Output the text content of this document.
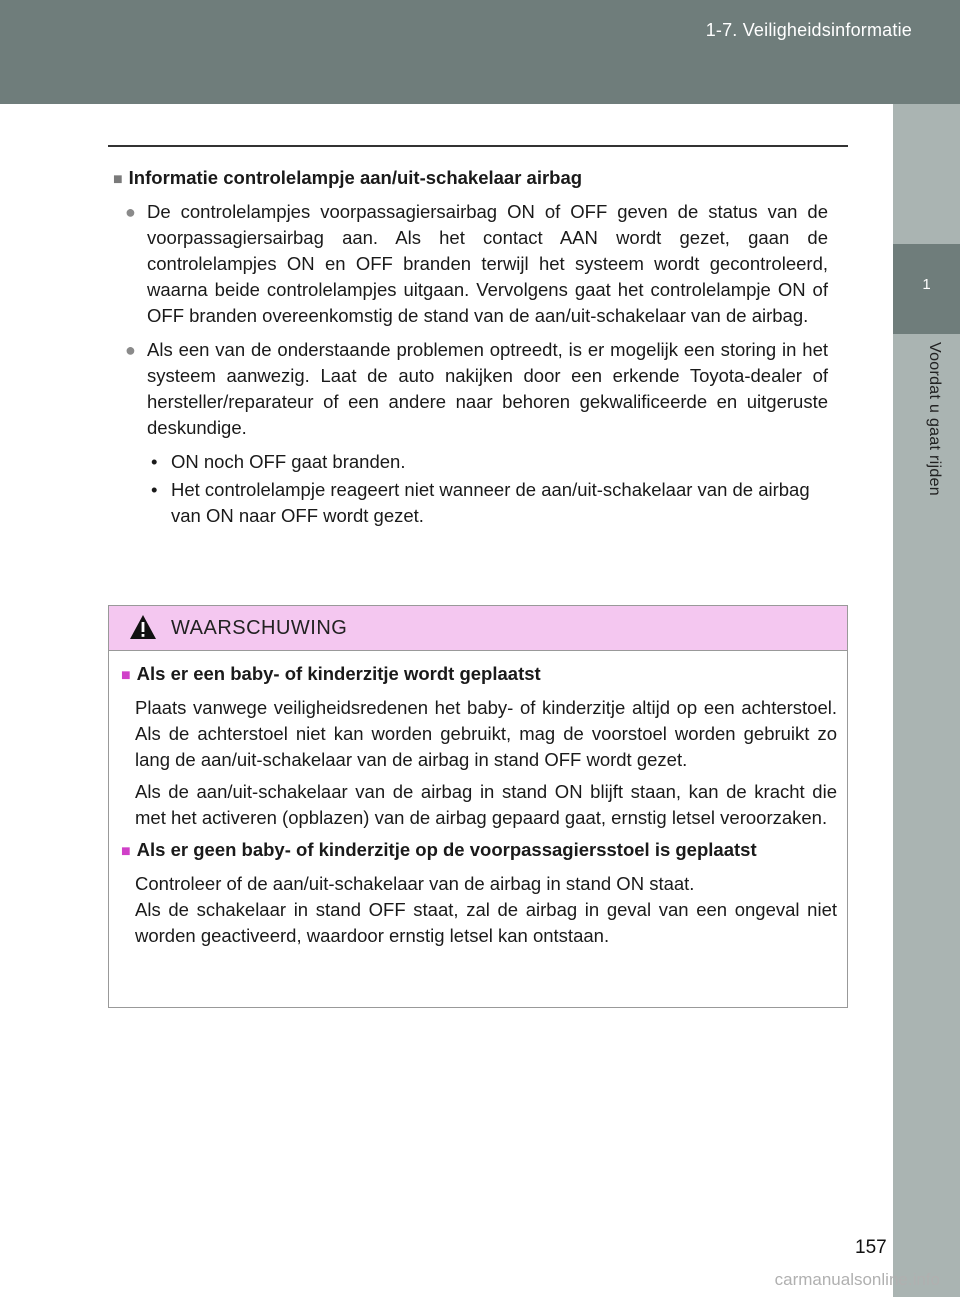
1-7. Veiligheidsinformatie
1
Voordat u gaat rijden
■ Informatie controlelampje aan/uit-schakelaar airbag
● De controlelampjes voorpassagiersairbag ON of OFF geven de status van de voorpassagiersairbag aan. Als het contact AAN wordt gezet, gaan de controlelampjes ON en OFF branden terwijl het systeem wordt gecontroleerd, waarna beide controlelampjes uitgaan. Vervolgens gaat het controlelampje ON of OFF branden overeenkomstig de stand van de aan/uit-schakelaar van de airbag.
● Als een van de onderstaande problemen optreedt, is er mogelijk een storing in het systeem aanwezig. Laat de auto nakijken door een erkende Toyota-dealer of hersteller/reparateur of een andere naar behoren gekwalificeerde en uitgeruste deskundige.
• ON noch OFF gaat branden.
• Het controlelampje reageert niet wanneer de aan/uit-schakelaar van de airbag van ON naar OFF wordt gezet.
WAARSCHUWING
■ Als er een baby- of kinderzitje wordt geplaatst
Plaats vanwege veiligheidsredenen het baby- of kinderzitje altijd op een achterstoel. Als de achterstoel niet kan worden gebruikt, mag de voorstoel worden gebruikt zo lang de aan/uit-schakelaar van de airbag in stand OFF wordt gezet.
Als de aan/uit-schakelaar van de airbag in stand ON blijft staan, kan de kracht die met het activeren (opblazen) van de airbag gepaard gaat, ernstig letsel veroorzaken.
■ Als er geen baby- of kinderzitje op de voorpassagiersstoel is geplaatst
Controleer of de aan/uit-schakelaar van de airbag in stand ON staat.
Als de schakelaar in stand OFF staat, zal de airbag in geval van een ongeval niet worden geactiveerd, waardoor ernstig letsel kan ontstaan.
157
carmanualsonline.info
